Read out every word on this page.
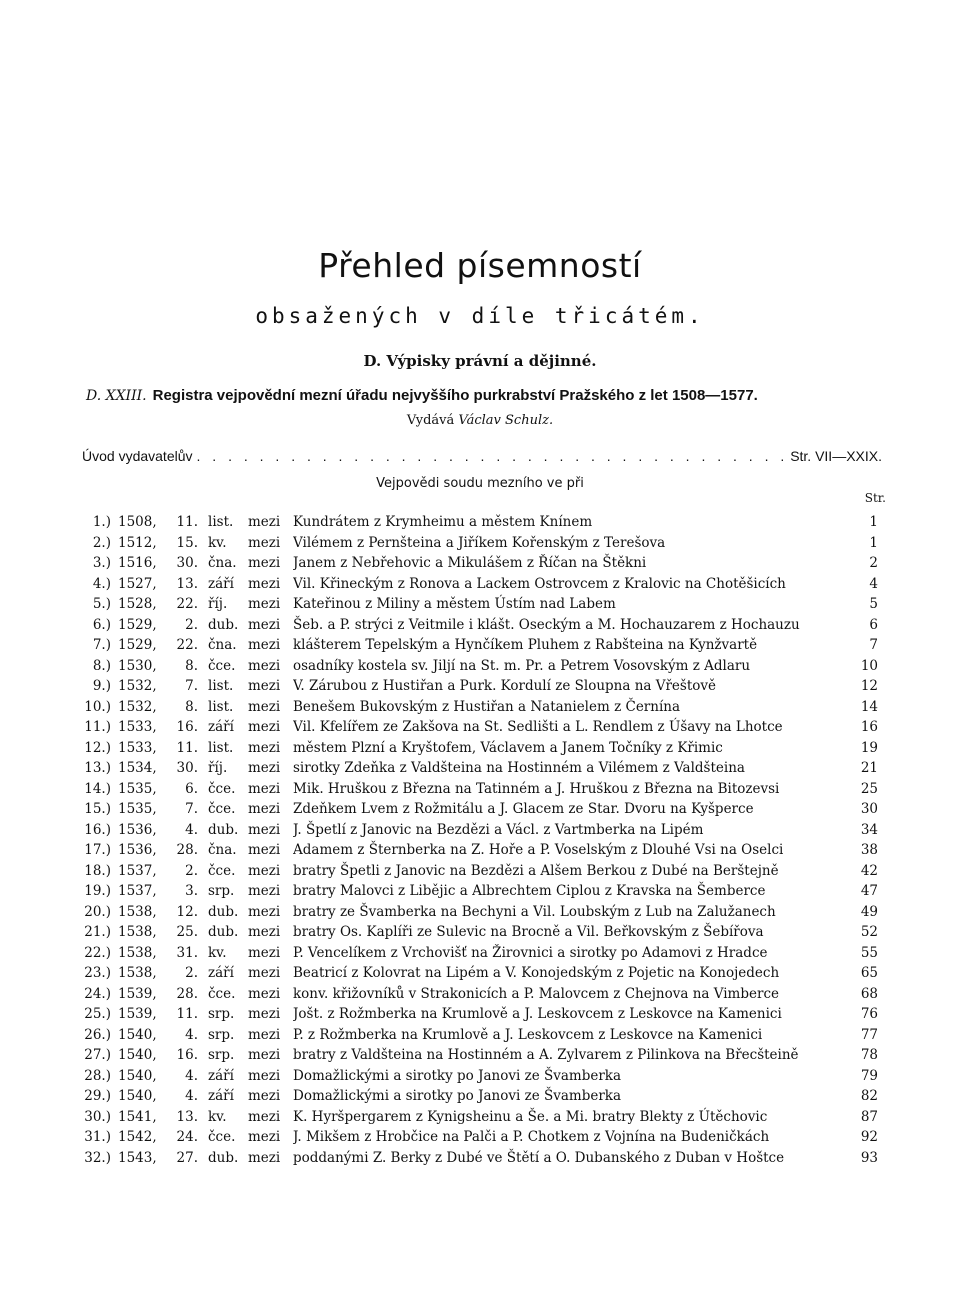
Přehled písemností
obsažených v díle třicátém.
D. Výpisky právní a dějinné.
D. XXIII. Registra vejpovědní mezní úřadu nejvyššího purkrabství Pražského z let 1508—1577.
Vydává Václav Schulz.
Úvod vydavatelův
. . .	Str. VII—XXIX.
Vejpovědi soudu mezního ve při
Str.
1.) 1508,	11. list.	mezi Kundrátem z Krymheimu a městem Knínem	1
2.) 1512,	15. kv.	mezi Vilémem z Pernšteina a Jiříkem Kořenským z Terešova	1
3.) 1516,	30. čna. mezi Janem z Nebřehovic a Mikulášem z Říčan na Štěkni	2
4.) 1527,	13. září	mezi Vil. Křineckým z Ronova a Lackem Ostrovcem z Kralovic na Chotěšicích	4
5.) 1528,	22. říj.	mezi Kateřinou z Miliny a městem Ústím nad Labem	5
6.) 1529,	2. dub. mezi Šeb. a P. strýci z Veitmile i klášt. Oseckým a M. Hochauzarem z Hochauzu	6
7.) 1529,	22. čna. mezi klášterem Tepelským a Hynčíkem Pluhem z Rabšteina na Kynžvartě	7
8.) 1530,	8. čce. mezi osadníky kostela sv. Jiljí na St. m. Pr. a Petrem Vosovským z Adlaru	10
9.) 1532,	7. list.	mezi V. Zárubou z Hustiřan a Purk. Kordulí ze Sloupna na Vřeštově	12
10.) 1532,	8. list.	mezi Benešem Bukovským z Hustiřan a Natanielem z Černína	14
11.) 1533,	16. září	mezi Vil. Kfelířem ze Zakšova na St. Sedlišti a L. Rendlem z Úšavy na Lhotce	16
12.) 1533,	11. list.	mezi městem Plzní a Kryštofem, Václavem a Janem Točníky z Křimic	19
13.) 1534,	30. říj.	mezi sirotky Zdeňka z Valdšteina na Hostinném a Vilémem z Valdšteina	21
14.) 1535,	6. čce. mezi Mik. Hruškou z Března na Tatinném a J. Hruškou z Března na Bitozevsi	25
15.) 1535,	7. čce. mezi Zdeňkem Lvem z Rožmitálu a J. Glacem ze Star. Dvoru na Kyšperce	30
16.) 1536,	4. dub. mezi J. Špetlí z Janovic na Bezdězi a Václ. z Vartmberka na Lipém	34
17.) 1536,	28. čna. mezi Adamem z Šternberka na Z. Hoře a P. Voselským z Dlouhé Vsi na Oselci	38
18.) 1537,	2. čce. mezi bratry Špetli z Janovic na Bezdězi a Alšem Berkou z Dubé na Berštejně	42
19.) 1537,	3. srp.	mezi bratry Malovci z Libějic a Albrechtem Ciplou z Kravska na Šemberce	47
20.) 1538,	12. dub. mezi bratry ze Švamberka na Bechyni a Vil. Loubským z Lub na Zalužanech	49
21.) 1538,	25. dub. mezi bratry Os. Kaplíři ze Sulevic na Brocně a Vil. Beřkovským z Šebířova	52
22.) 1538,	31. kv.	mezi P. Vencelíkem z Vrchovišť na Žirovnici a sirotky po Adamovi z Hradce	55
23.) 1538,	2. září	mezi Beatricí z Kolovrat na Lipém a V. Konojedským z Pojetic na Konojedech	65
24.) 1539,	28. čce. mezi konv. křižovníků v Strakonicích a P. Malovcem z Chejnova na Vimberce	68
25.) 1539,	11. srp.	mezi Jošt. z Rožmberka na Krumlově a J. Leskovcem z Leskovce na Kamenici	76
26.) 1540,	4. srp.	mezi P. z Rožmberka na Krumlově a J. Leskovcem z Leskovce na Kamenici	77
27.) 1540,	16. srp.	mezi bratry z Valdšteina na Hostinném a A. Zylvarem z Pilinkova na Břecšteině	78
28.) 1540,	4. září	mezi Domažlickými a sirotky po Janovi ze Švamberka	79
29.) 1540,	4. září	mezi Domažlickými a sirotky po Janovi ze Švamberka	82
30.) 1541,	13. kv.	mezi K. Hyršpergarem z Kynigsheinu a Še. a Mi. bratry Blekty z Útěchovic	87
31.) 1542,	24. čce. mezi J. Mikšem z Hrobčice na Palči a P. Chotkem z Vojnína na Budeničkách	92
32.) 1543,	27. dub. mezi poddanými Z. Berky z Dubé ve Štětí a O. Dubanského z Duban v Hoštce	93
